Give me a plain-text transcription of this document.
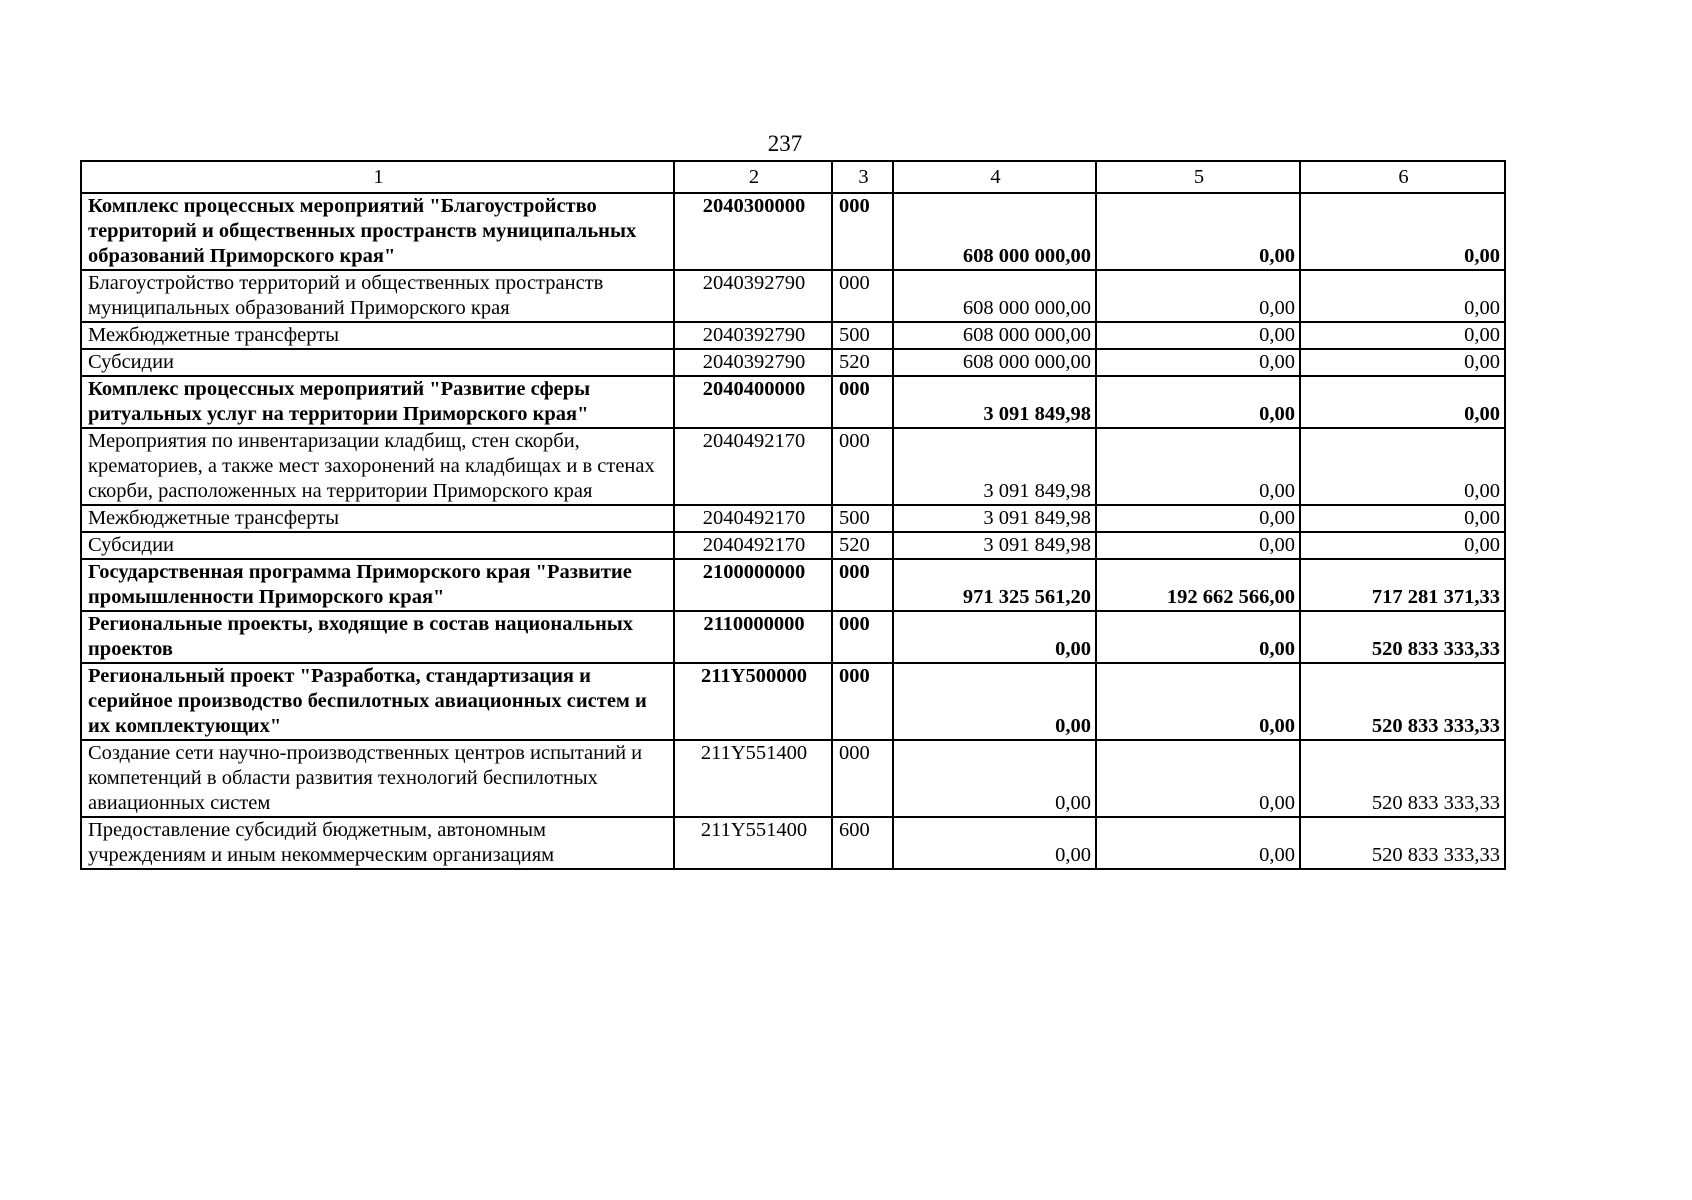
237
1	2	3	4	5	6
Комплекс процессных мероприятий "Благоустройство территорий и общественных пространств муниципальных образований Приморского края"	2040300000	000	608 000 000,00	0,00	0,00
Благоустройство территорий и общественных пространств муниципальных образований Приморского края	2040392790	000	608 000 000,00	0,00	0,00
Межбюджетные трансферты	2040392790	500	608 000 000,00	0,00	0,00
Субсидии	2040392790	520	608 000 000,00	0,00	0,00
Комплекс процессных мероприятий "Развитие сферы ритуальных услуг на территории Приморского края"	2040400000	000	3 091 849,98	0,00	0,00
Мероприятия по инвентаризации кладбищ, стен скорби, крематориев, а также мест захоронений на кладбищах и в стенах скорби, расположенных на территории Приморского края	2040492170	000	3 091 849,98	0,00	0,00
Межбюджетные трансферты	2040492170	500	3 091 849,98	0,00	0,00
Субсидии	2040492170	520	3 091 849,98	0,00	0,00
Государственная программа Приморского края "Развитие промышленности Приморского края"	2100000000	000	971 325 561,20	192 662 566,00	717 281 371,33
Региональные проекты, входящие в состав национальных проектов	2110000000	000	0,00	0,00	520 833 333,33
Региональный проект "Разработка, стандартизация и серийное производство беспилотных авиационных систем и их комплектующих"	211Y500000	000	0,00	0,00	520 833 333,33
Создание сети научно-производственных центров испытаний и компетенций в области развития технологий беспилотных авиационных систем	211Y551400	000	0,00	0,00	520 833 333,33
Предоставление субсидий бюджетным, автономным учреждениям и иным некоммерческим организациям	211Y551400	600	0,00	0,00	520 833 333,33
